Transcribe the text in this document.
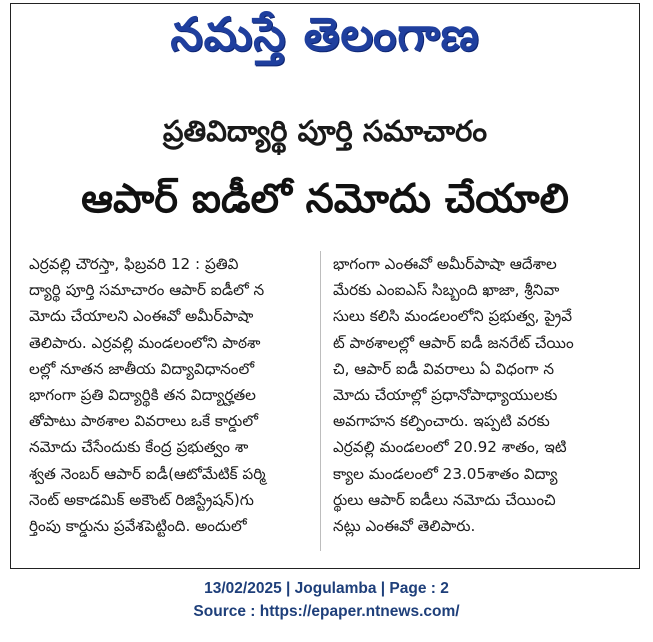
నమస్తే తెలంగాణ
ప్రతివిద్యార్థి పూర్తి సమాచారం
ఆపార్ ఐడీలో నమోదు చేయాలి
ఎర్రవల్లి చౌరస్తా, ఫిబ్రవరి 12 : ప్రతివి
ద్యార్థి పూర్తి సమాచారం ఆపార్ ఐడీలో న
మోదు చేయాలని ఎంఈవో అమీర్‌పాషా
తెలిపారు. ఎర్రవల్లి మండలంలోని పాఠశా
లల్లో నూతన జాతీయ విద్యావిధానంలో
భాగంగా ప్రతి విద్యార్థికి తన విద్యార్హతల
తోపాటు పాఠశాల వివరాలు ఒకే కార్డులో
నమోదు చేసేందుకు కేంద్ర ప్రభుత్వం శా
శ్వత నెంబర్ ఆపార్ ఐడీ(ఆటోమేటిక్ పర్మి
నెంట్ అకాడమిక్ అకౌంట్ రిజిస్ట్రేషన్)గు
ర్తింపు కార్డును ప్రవేశపెట్టింది. అందులో
భాగంగా ఎంఈవో అమీర్‌పాషా ఆదేశాల
మేరకు ఎంఐఎస్ సిబ్బంది ఖాజా, శ్రీనివా
సులు కలిసి మండలంలోని ప్రభుత్వ, ప్రైవే
ట్ పాఠశాలల్లో ఆపార్ ఐడీ జనరేట్ చేయిం
చి, ఆపార్ ఐడీ వివరాలు ఏ విధంగా న
మోదు చేయాల్లో ప్రధానోపాధ్యాయులకు
అవగాహన కల్పించారు. ఇప్పటి వరకు
ఎర్రవల్లి మండలంలో 20.92 శాతం, ఇటి
క్యాల మండలంలో 23.05శాతం విద్యా
ర్థులు ఆపార్ ఐడీలు నమోదు చేయించి
నట్లు ఎంఈవో తెలిపారు.
13/02/2025 | Jogulamba | Page : 2
Source : https://epaper.ntnews.com/
